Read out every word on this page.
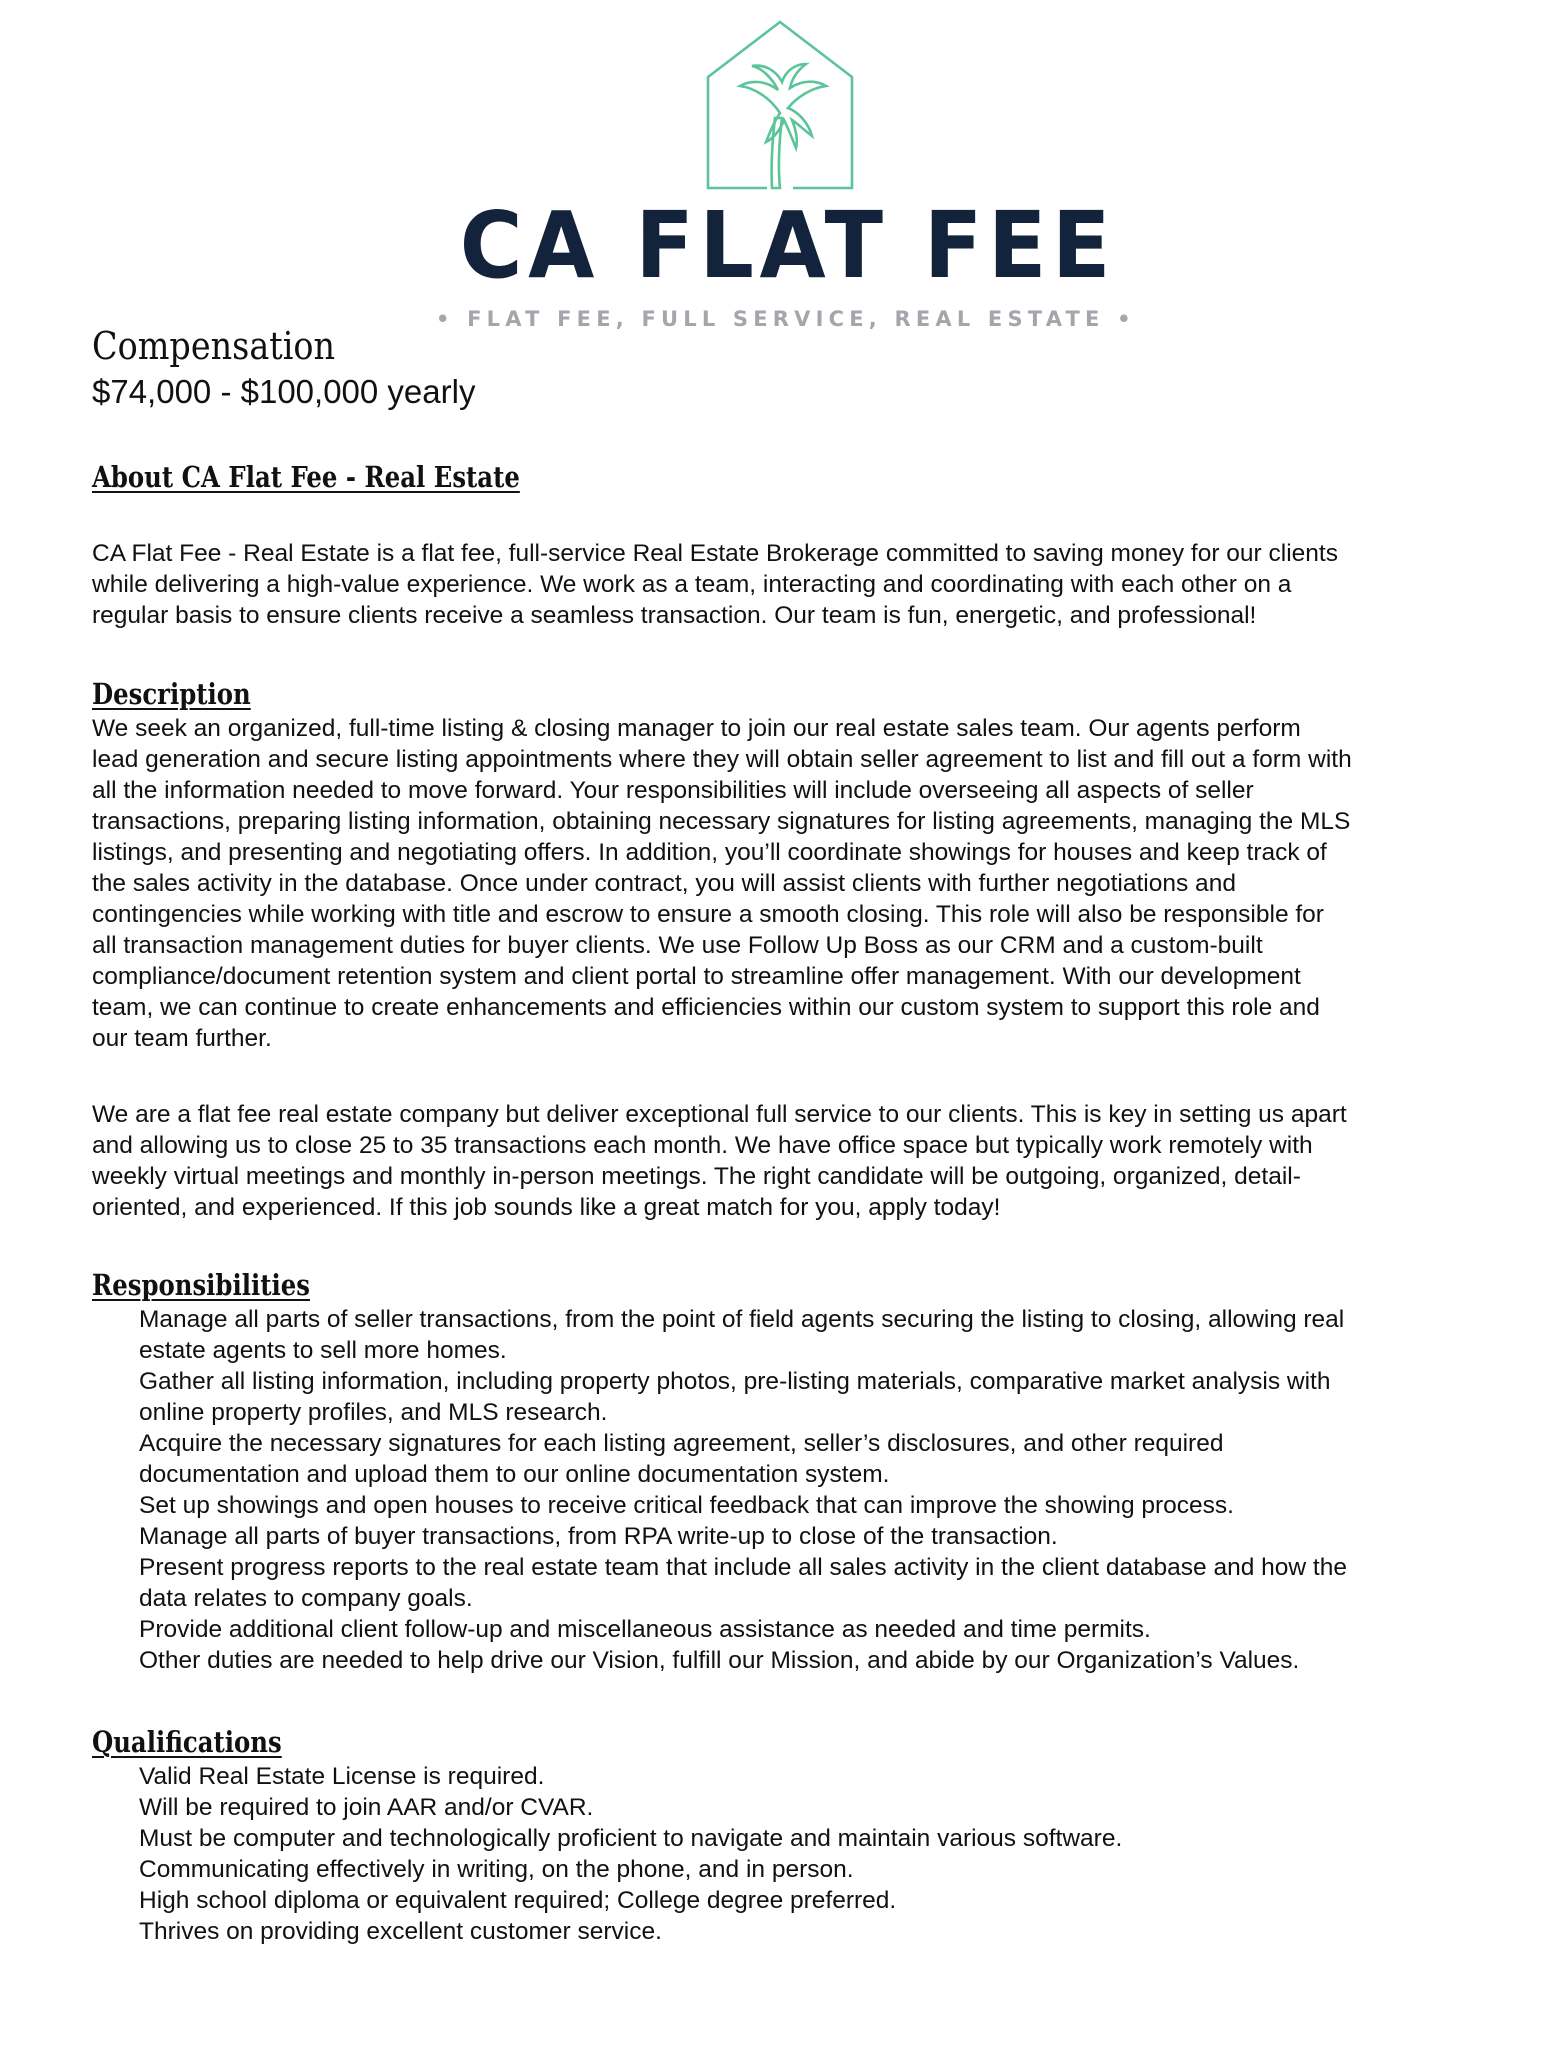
CA FLAT FEE
• FLAT FEE, FULL SERVICE, REAL ESTATE •
Compensation
$74,000 - $100,000 yearly
About CA Flat Fee - Real Estate
CA Flat Fee - Real Estate is a flat fee, full-service Real Estate Brokerage committed to saving money for our clients
while delivering a high-value experience. We work as a team, interacting and coordinating with each other on a
regular basis to ensure clients receive a seamless transaction. Our team is fun, energetic, and professional!
Description
We seek an organized, full-time listing & closing manager to join our real estate sales team. Our agents perform
lead generation and secure listing appointments where they will obtain seller agreement to list and fill out a form with
all the information needed to move forward. Your responsibilities will include overseeing all aspects of seller
transactions, preparing listing information, obtaining necessary signatures for listing agreements, managing the MLS
listings, and presenting and negotiating offers. In addition, you’ll coordinate showings for houses and keep track of
the sales activity in the database. Once under contract, you will assist clients with further negotiations and
contingencies while working with title and escrow to ensure a smooth closing. This role will also be responsible for
all transaction management duties for buyer clients. We use Follow Up Boss as our CRM and a custom-built
compliance/document retention system and client portal to streamline offer management. With our development
team, we can continue to create enhancements and efficiencies within our custom system to support this role and
our team further.
We are a flat fee real estate company but deliver exceptional full service to our clients. This is key in setting us apart
and allowing us to close 25 to 35 transactions each month. We have office space but typically work remotely with
weekly virtual meetings and monthly in-person meetings. The right candidate will be outgoing, organized, detail-
oriented, and experienced. If this job sounds like a great match for you, apply today!
Responsibilities
Manage all parts of seller transactions, from the point of field agents securing the listing to closing, allowing real
estate agents to sell more homes.
Gather all listing information, including property photos, pre-listing materials, comparative market analysis with
online property profiles, and MLS research.
Acquire the necessary signatures for each listing agreement, seller’s disclosures, and other required
documentation and upload them to our online documentation system.
Set up showings and open houses to receive critical feedback that can improve the showing process.
Manage all parts of buyer transactions, from RPA write-up to close of the transaction.
Present progress reports to the real estate team that include all sales activity in the client database and how the
data relates to company goals.
Provide additional client follow-up and miscellaneous assistance as needed and time permits.
Other duties are needed to help drive our Vision, fulfill our Mission, and abide by our Organization’s Values.
Qualifications
Valid Real Estate License is required.
Will be required to join AAR and/or CVAR.
Must be computer and technologically proficient to navigate and maintain various software.
Communicating effectively in writing, on the phone, and in person.
High school diploma or equivalent required; College degree preferred.
Thrives on providing excellent customer service.
